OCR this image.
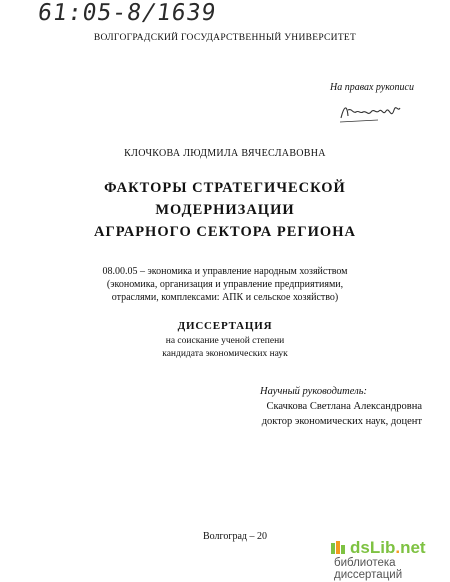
61:05-8/1639
ВОЛГОГРАДСКИЙ ГОСУДАРСТВЕННЫЙ УНИВЕРСИТЕТ
На правах рукописи
КЛОЧКОВА ЛЮДМИЛА ВЯЧЕСЛАВОВНА
ФАКТОРЫ СТРАТЕГИЧЕСКОЙ
МОДЕРНИЗАЦИИ
АГРАРНОГО СЕКТОРА РЕГИОНА
08.00.05 – экономика и управление народным хозяйством
(экономика, организация и управление предприятиями,
отраслями, комплексами: АПК и сельское хозяйство)
ДИССЕРТАЦИЯ
на соискание ученой степени
кандидата экономических наук
Научный руководитель:
Скачкова Светлана Александровна
доктор экономических наук, доцент
Волгоград – 20
dsLib.net
библиотека диссертаций
